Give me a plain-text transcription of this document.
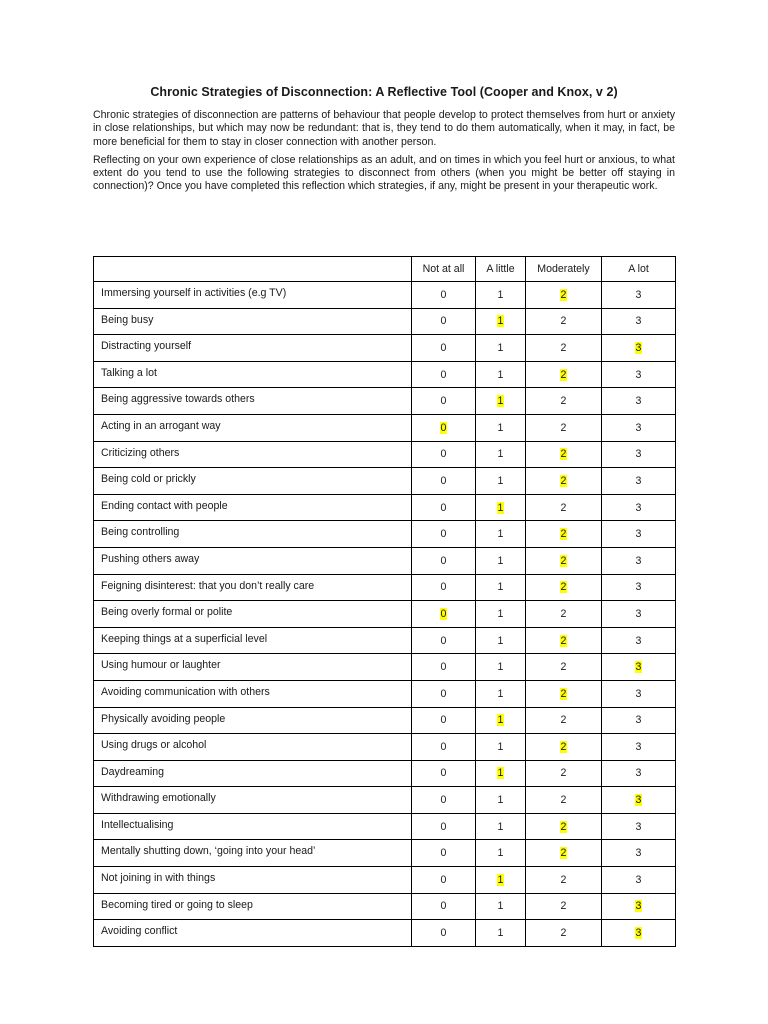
Chronic Strategies of Disconnection: A Reflective Tool (Cooper and Knox, v 2)

Chronic strategies of disconnection are patterns of behaviour that people develop to protect themselves from hurt or anxiety in close relationships, but which may now be redundant: that is, they tend to do them automatically, when it may, in fact, be more beneficial for them to stay in closer connection with another person.

Reflecting on your own experience of close relationships as an adult, and on times in which you feel hurt or anxious, to what extent do you tend to use the following strategies to disconnect from others (when you might be better off staying in connection)? Once you have completed this reflection which strategies, if any, might be present in your therapeutic work.

	Not at all	A little	Moderately	A lot
Immersing yourself in activities (e.g TV)	0	1	2	3
Being busy	0	1	2	3
Distracting yourself	0	1	2	3
Talking a lot	0	1	2	3
Being aggressive towards others	0	1	2	3
Acting in an arrogant way	0	1	2	3
Criticizing others	0	1	2	3
Being cold or prickly	0	1	2	3
Ending contact with people	0	1	2	3
Being controlling	0	1	2	3
Pushing others away	0	1	2	3
Feigning disinterest: that you don’t really care	0	1	2	3
Being overly formal or polite	0	1	2	3
Keeping things at a superficial level	0	1	2	3
Using humour or laughter	0	1	2	3
Avoiding communication with others	0	1	2	3
Physically avoiding people	0	1	2	3
Using drugs or alcohol	0	1	2	3
Daydreaming	0	1	2	3
Withdrawing emotionally	0	1	2	3
Intellectualising	0	1	2	3
Mentally shutting down, ‘going into your head’	0	1	2	3
Not joining in with things	0	1	2	3
Becoming tired or going to sleep	0	1	2	3
Avoiding conflict	0	1	2	3
